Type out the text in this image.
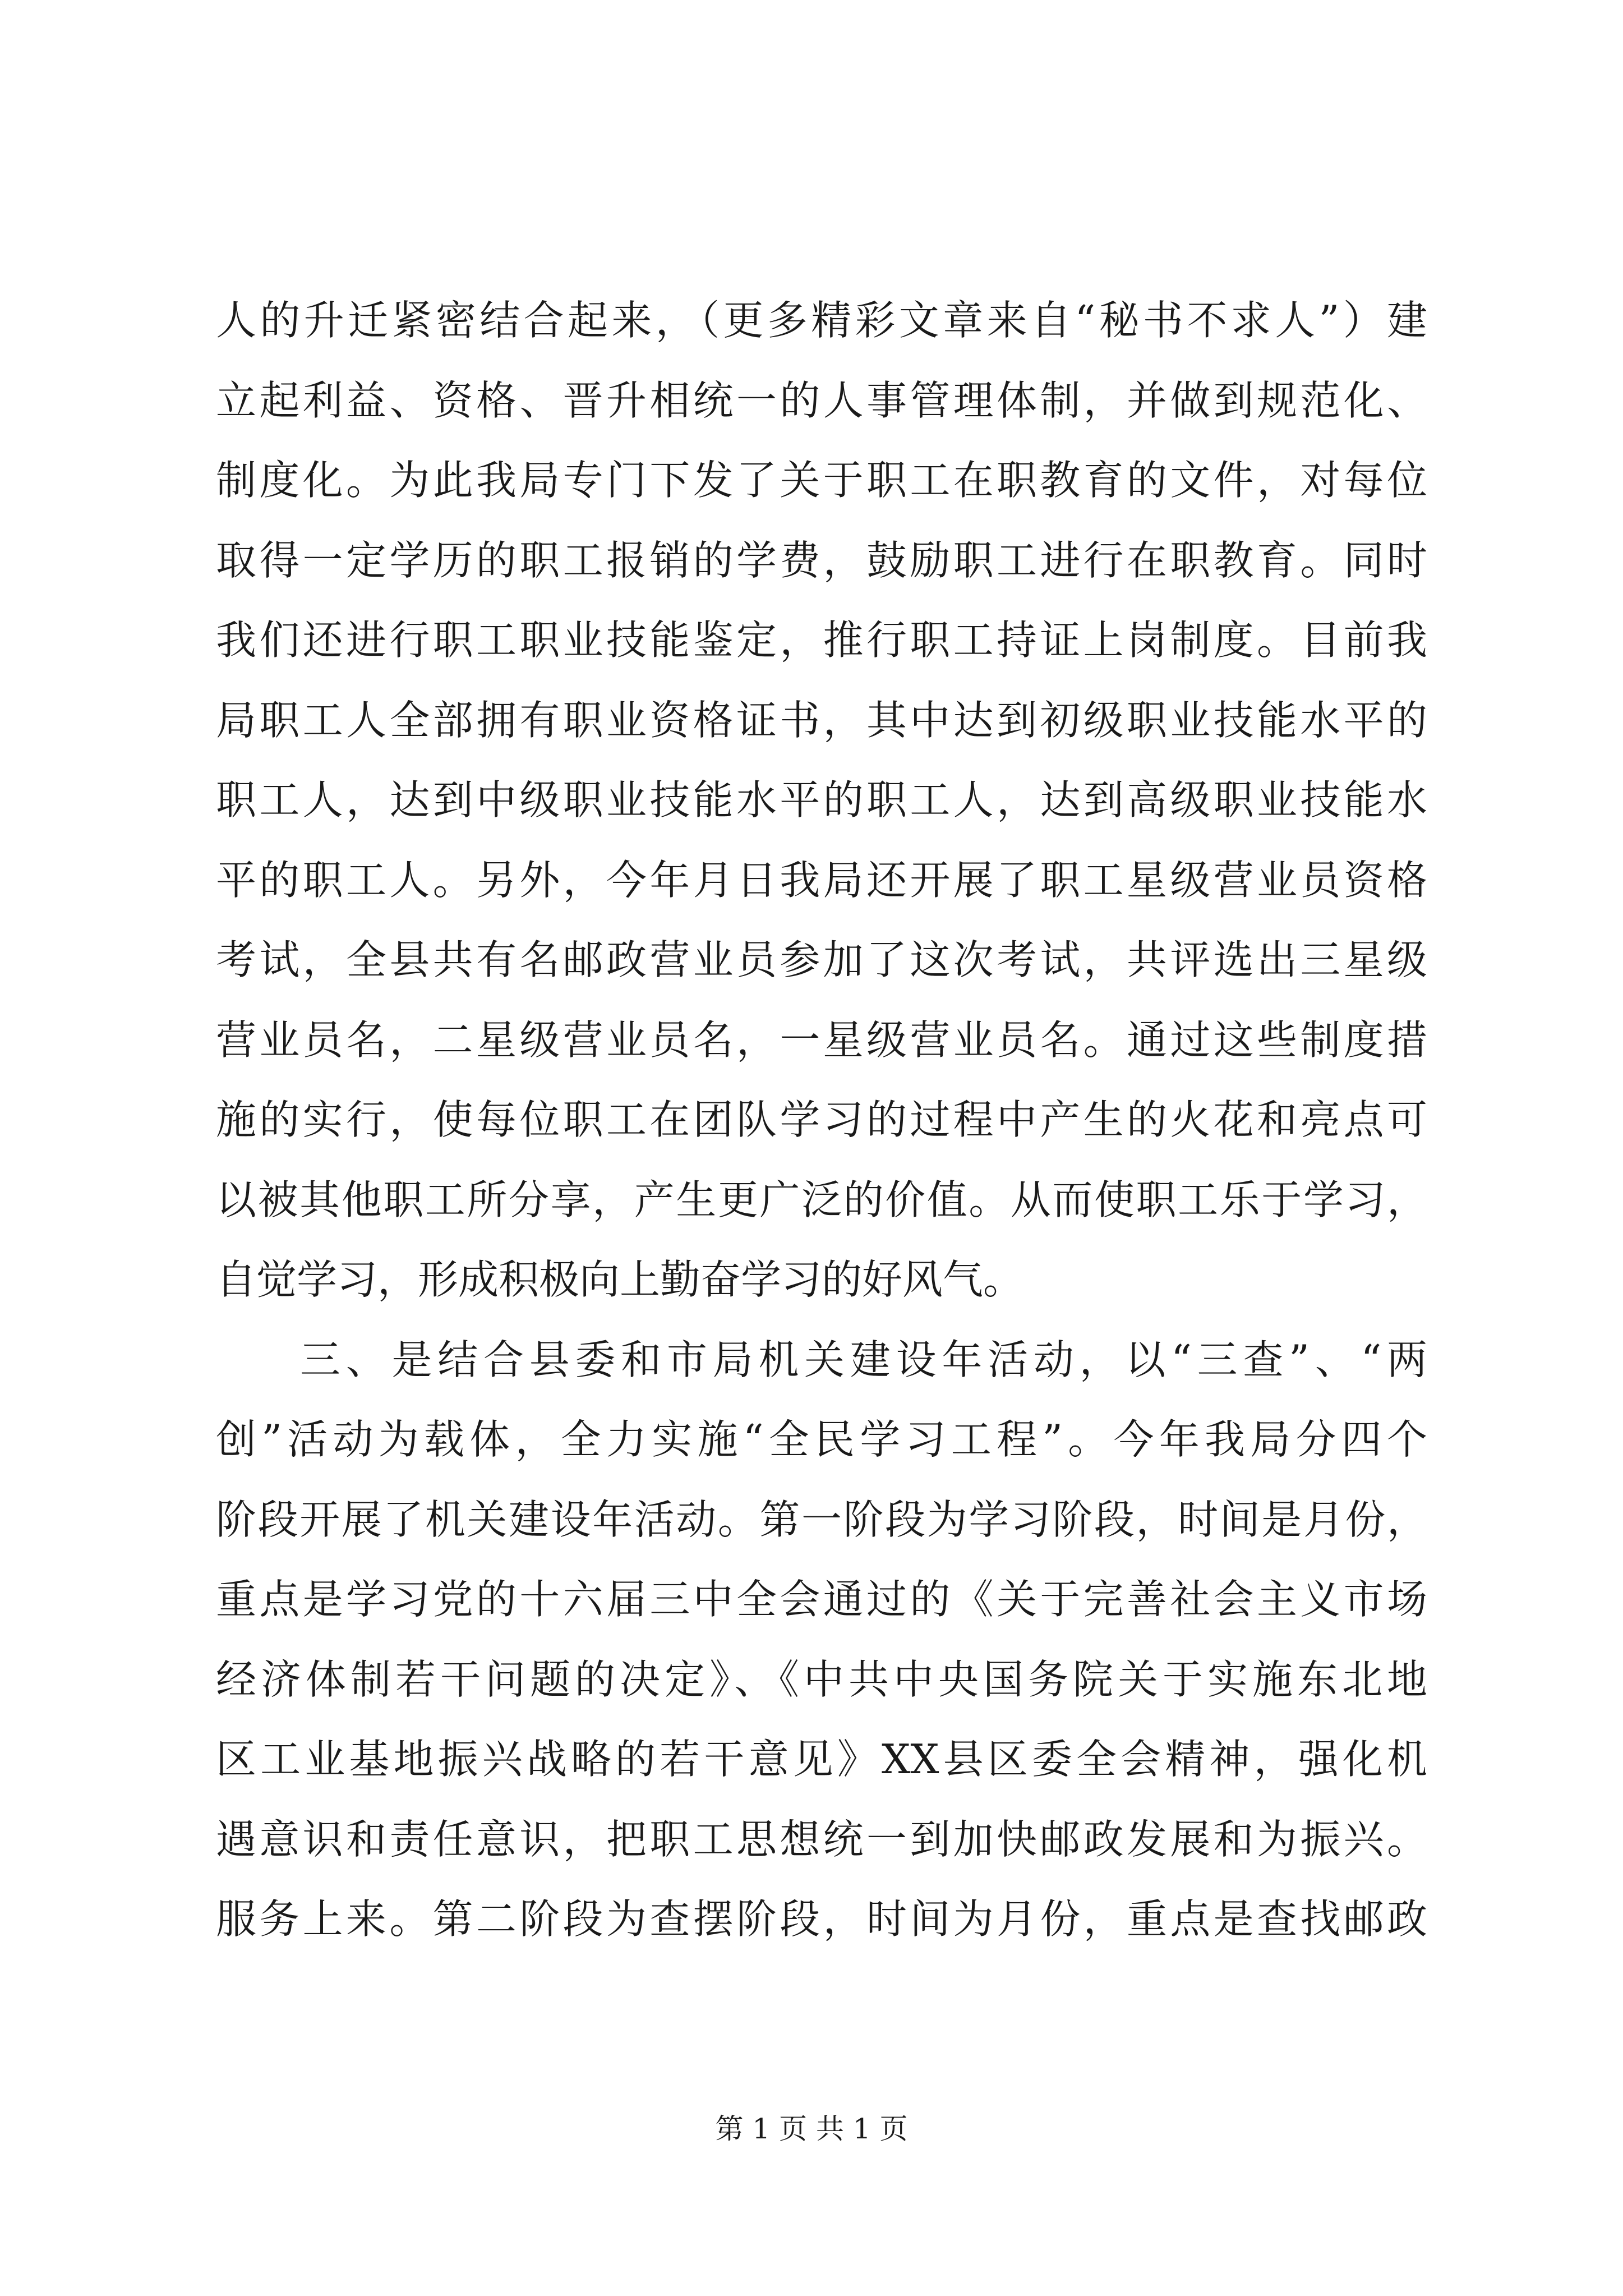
人的升迁紧密结合起来，（更多精彩文章来自“秘书不求人”）建
立起利益、资格、晋升相统一的人事管理体制，并做到规范化、
制度化。为此我局专门下发了关于职工在职教育的文件，对每位
取得一定学历的职工报销的学费，鼓励职工进行在职教育。同时
我们还进行职工职业技能鉴定，推行职工持证上岗制度。目前我
局职工人全部拥有职业资格证书，其中达到初级职业技能水平的
职工人，达到中级职业技能水平的职工人，达到高级职业技能水
平的职工人。另外，今年月日我局还开展了职工星级营业员资格
考试，全县共有名邮政营业员参加了这次考试，共评选出三星级
营业员名，二星级营业员名，一星级营业员名。通过这些制度措
施的实行，使每位职工在团队学习的过程中产生的火花和亮点可
以被其他职工所分享，产生更广泛的价值。从而使职工乐于学习，
自觉学习，形成积极向上勤奋学习的好风气。
三、是结合县委和市局机关建设年活动，以“三查”、“两
创”活动为载体，全力实施“全民学习工程”。今年我局分四个
阶段开展了机关建设年活动。第一阶段为学习阶段，时间是月份，
重点是学习党的十六届三中全会通过的《关于完善社会主义市场
经济体制若干问题的决定》、《中共中央国务院关于实施东北地
区工业基地振兴战略的若干意见》XX县区委全会精神，强化机
遇意识和责任意识，把职工思想统一到加快邮政发展和为振兴。
服务上来。第二阶段为查摆阶段，时间为月份，重点是查找邮政
第 1 页 共 1 页
